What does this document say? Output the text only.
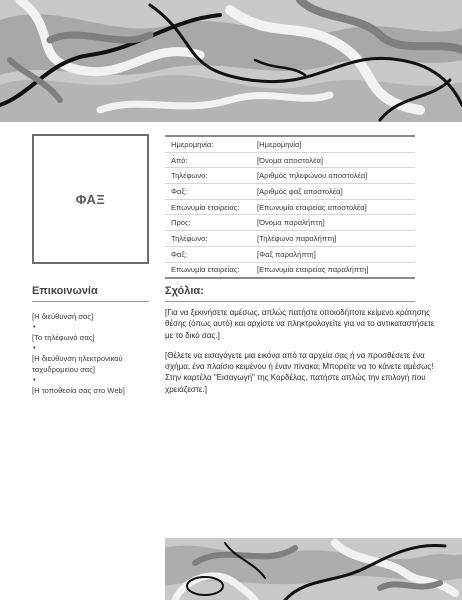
ΦΑΞ
Ημερομηνία:	[Ημερομηνία]
Από:	[Όνομα αποστολέα]
Τηλέφωνο:	[Αριθμός τηλεφώνου αποστολέα]
Φαξ:	[Αριθμός φαξ αποστολέα]
Επωνυμία εταιρείας:	[Επωνυμία εταιρείας αποστολέα]
Προς:	[Όνομα παραλήπτη]
Τηλέφωνο:	[Τηλέφωνο παραλήπτη]
Φαξ:	[Φαξ παραλήπτη]
Επωνυμία εταιρείας:	[Επωνυμία εταιρείας παραλήπτη]
Επικοινωνία

[Η διεύθυνσή σας]

•

[Το τηλέφωνό σας]

•

[Η διεύθυνση ηλεκτρονικού ταχυδρομείου σας]

•

[Η τοποθεσία σας στο Web]

Σχόλια:

[Για να ξεκινήσετε αμέσως, απλώς πατήστε οποιοδήποτε κείμενο κράτησης θέσης (όπως αυτό) και αρχίστε να πληκτρολογείτε για να το αντικαταστήσετε με το δικό σας.]

[Θέλετε να εισαγάγετε μια εικόνα από τα αρχεία σας ή να προσθέσετε ένα σχήμα, ένα πλαίσιο κειμένου ή έναν πίνακα; Μπορείτε να το κάνετε αμέσως! Στην καρτέλα "Εισαγωγή" της Κορδέλας, πατήστε απλώς την επιλογή που χρειάζεστε.]
